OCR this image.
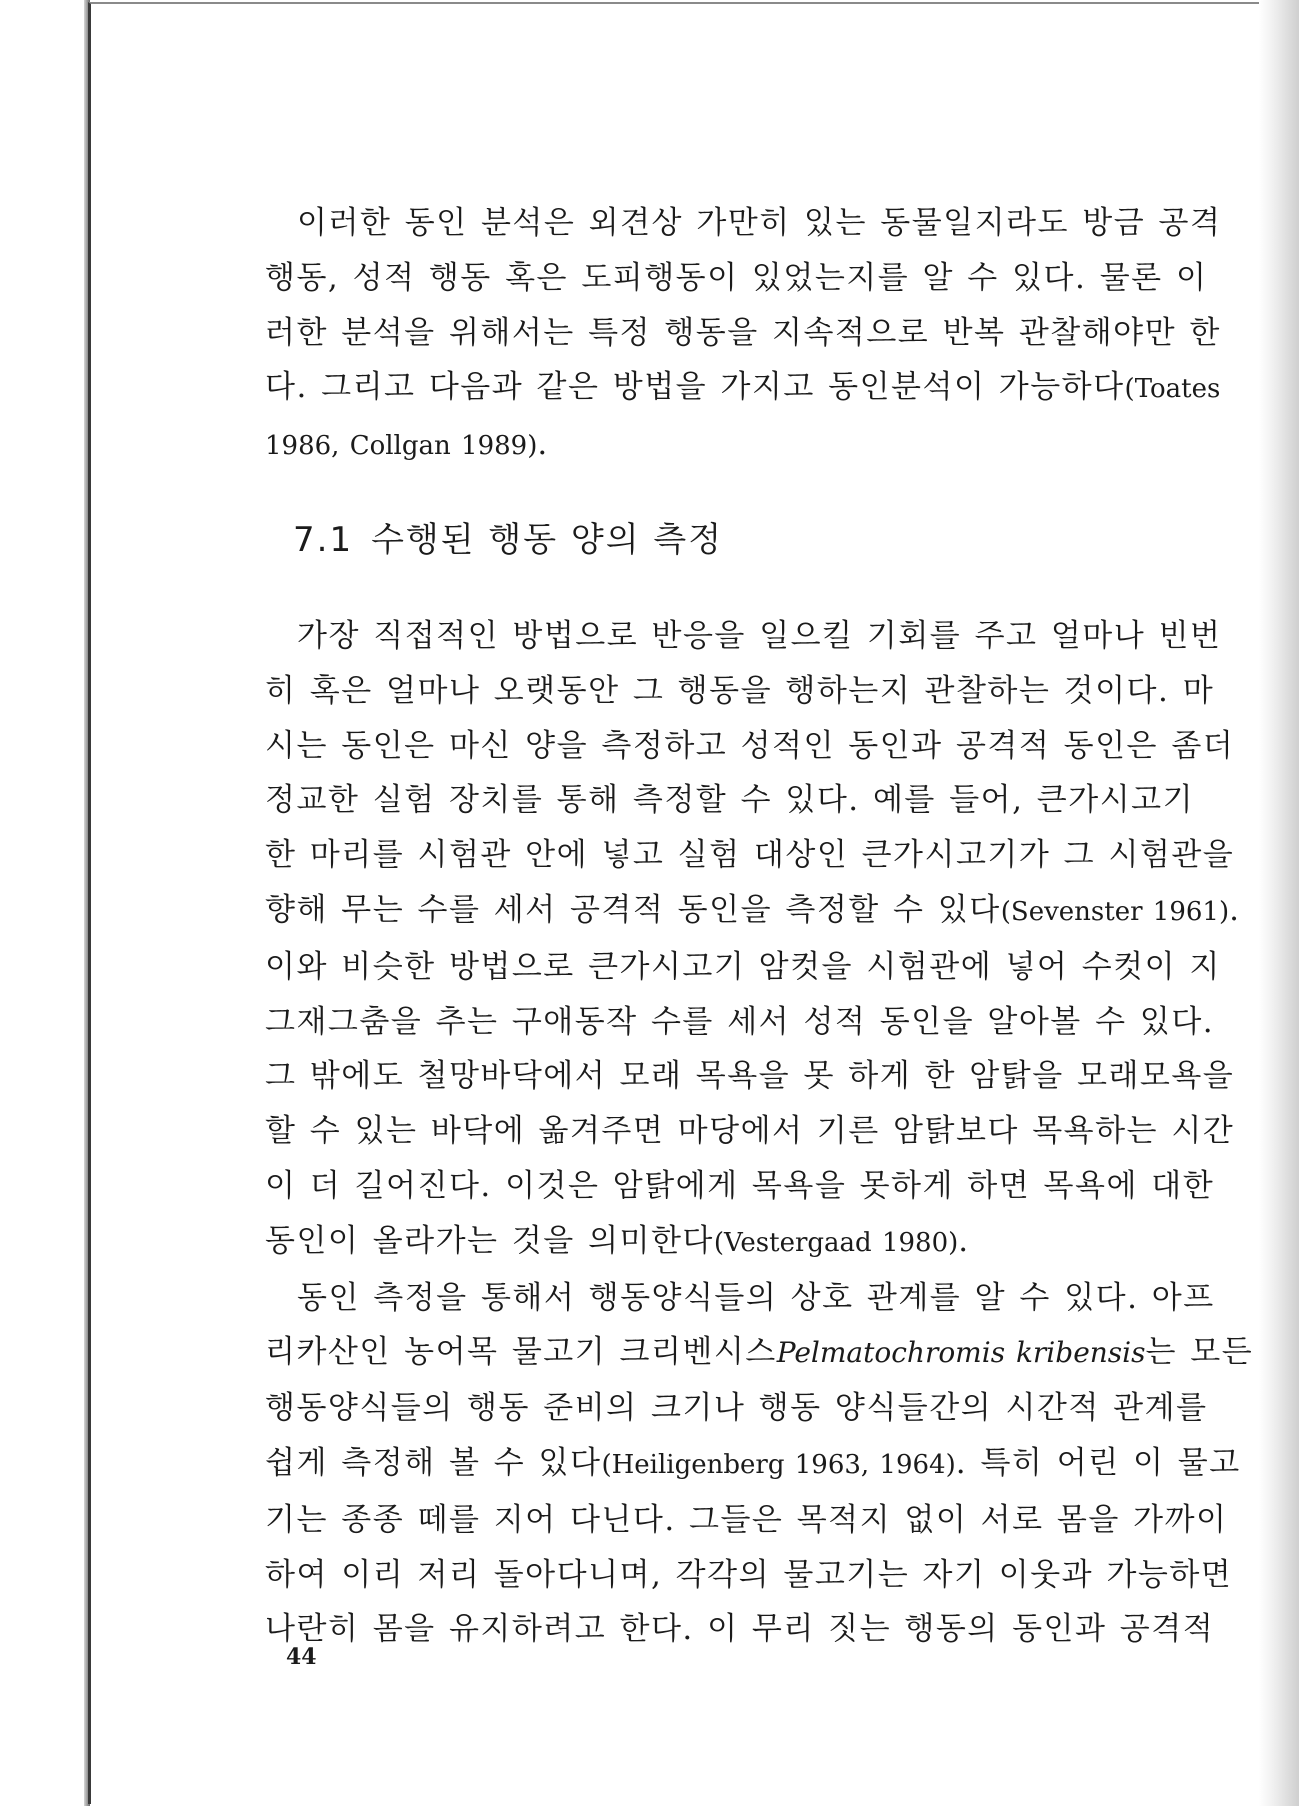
이러한 동인 분석은 외견상 가만히 있는 동물일지라도 방금 공격
행동, 성적 행동 혹은 도피행동이 있었는지를 알 수 있다. 물론 이
러한 분석을 위해서는 특정 행동을 지속적으로 반복 관찰해야만 한
다. 그리고 다음과 같은 방법을 가지고 동인분석이 가능하다(Toates
1986, Collgan 1989).

7.1 수행된 행동 양의 측정

가장 직접적인 방법으로 반응을 일으킬 기회를 주고 얼마나 빈번
히 혹은 얼마나 오랫동안 그 행동을 행하는지 관찰하는 것이다. 마
시는 동인은 마신 양을 측정하고 성적인 동인과 공격적 동인은 좀더
정교한 실험 장치를 통해 측정할 수 있다. 예를 들어, 큰가시고기
한 마리를 시험관 안에 넣고 실험 대상인 큰가시고기가 그 시험관을
향해 무는 수를 세서 공격적 동인을 측정할 수 있다(Sevenster 1961).
이와 비슷한 방법으로 큰가시고기 암컷을 시험관에 넣어 수컷이 지
그재그춤을 추는 구애동작 수를 세서 성적 동인을 알아볼 수 있다.
그 밖에도 철망바닥에서 모래 목욕을 못 하게 한 암탉을 모래모욕을
할 수 있는 바닥에 옮겨주면 마당에서 기른 암탉보다 목욕하는 시간
이 더 길어진다. 이것은 암탉에게 목욕을 못하게 하면 목욕에 대한
동인이 올라가는 것을 의미한다(Vestergaad 1980).

동인 측정을 통해서 행동양식들의 상호 관계를 알 수 있다. 아프
리카산인 농어목 물고기 크리벤시스Pelmatochromis kribensis는 모든
행동양식들의 행동 준비의 크기나 행동 양식들간의 시간적 관계를
쉽게 측정해 볼 수 있다(Heiligenberg 1963, 1964). 특히 어린 이 물고
기는 종종 떼를 지어 다닌다. 그들은 목적지 없이 서로 몸을 가까이
하여 이리 저리 돌아다니며, 각각의 물고기는 자기 이웃과 가능하면
나란히 몸을 유지하려고 한다. 이 무리 짓는 행동의 동인과 공격적

44
